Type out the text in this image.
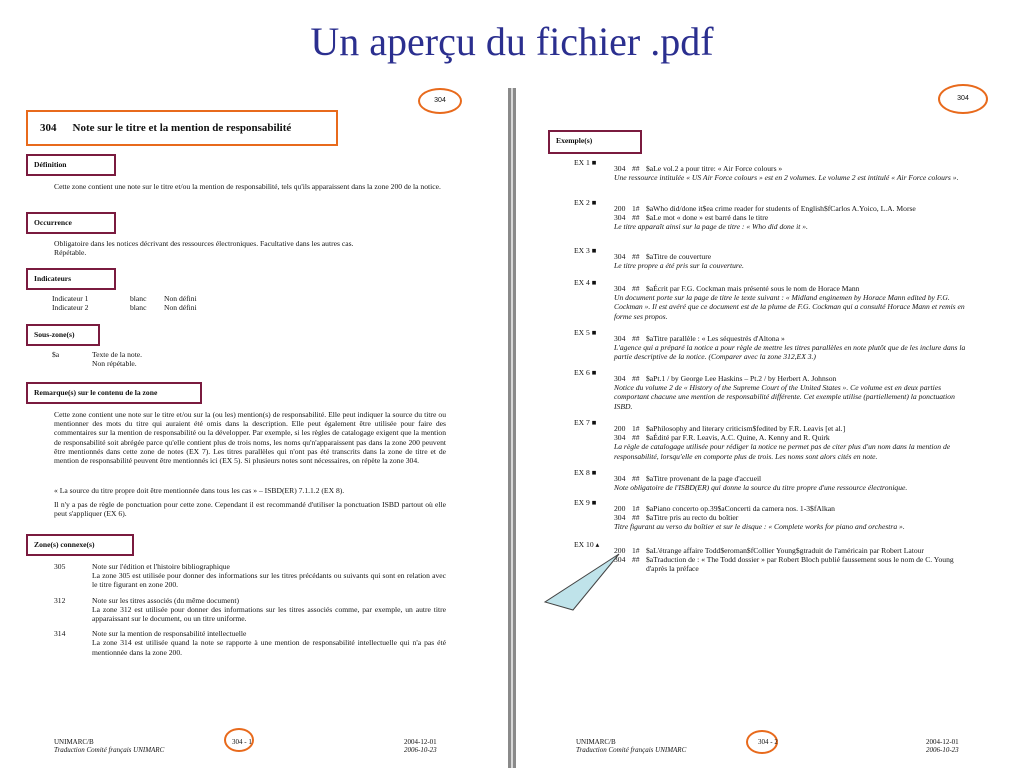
Un aperçu du fichier .pdf
304
304 Note sur le titre et la mention de responsabilité
Définition
Cette zone contient une note sur le titre et/ou la mention de responsabilité, tels qu'ils apparaissent dans la zone 200 de la notice.
Occurrence
Obligatoire dans les notices décrivant des ressources électroniques. Facultative dans les autres cas.
Répétable.
Indicateurs
Indicateur 1	blanc	Non défini
Indicateur 2	blanc	Non défini
Sous-zone(s)
$a	Texte de la note.
	Non répétable.
Remarque(s) sur le contenu de la zone
Cette zone contient une note sur le titre et/ou sur la (ou les) mention(s) de responsabilité. Elle peut indiquer la source du titre ou mentionner des mots du titre qui auraient été omis dans la description. Elle peut également être utilisée pour faire des commentaires sur la mention de responsabilité ou la développer. Par exemple, si les règles de catalogage exigent que la mention de responsabilité soit abrégée parce qu'elle contient plus de trois noms, les noms qu'n'apparaissent pas dans la zone 200 peuvent être mentionnés dans cette zone de notes (EX 7). Les titres parallèles qui n'ont pas été transcrits dans la zone de titre et de mention de responsabilité peuvent être mentionnés ici (EX 5). Si plusieurs notes sont nécessaires, on répète la zone 304.
« La source du titre propre doit être mentionnée dans tous les cas » – ISBD(ER) 7.1.1.2 (EX 8).
Il n'y a pas de règle de ponctuation pour cette zone. Cependant il est recommandé d'utiliser la ponctuation ISBD partout où elle peut s'appliquer (EX 6).
Zone(s) connexe(s)
305	Note sur l'édition et l'histoire bibliographique
La zone 305 est utilisée pour donner des informations sur les titres précédants ou suivants qui sont en relation avec le titre figurant en zone 200.
312	Note sur les titres associés (du même document)
La zone 312 est utilisée pour donner des informations sur les titres associés comme, par exemple, un autre titre apparaissant sur le document, ou un titre uniforme.
314	Note sur la mention de responsabilité intellectuelle
La zone 314 est utilisée quand la note se rapporte à une mention de responsabilité intellectuelle qui n'a pas été mentionnée dans la zone 200.
UNIMARC/B
Traduction Comité français UNIMARC
304 - 1	2004-12-01
2006-10-23
304
Exemple(s)
EX 1 ■
304 ## $aLe vol.2 a pour titre: « Air Force colours »
Une ressource intitulée « US Air Force colours » est en 2 volumes. Le volume 2 est intitulé « Air Force colours ».
EX 2 ■
200 1# $aWho did/done it$ea crime reader for students of English$fCarlos A.Yoico, L.A. Morse
304 ## $aLe mot « done » est barré dans le titre
Le titre apparaît ainsi sur la page de titre : « Who did done it ».
EX 3 ■
304 ## $aTitre de couverture
Le titre propre a été pris sur la couverture.
EX 4 ■
304 ## $aÉcrit par F.G. Cockman mais présenté sous le nom de Horace Mann
Un document porte sur la page de titre le texte suivant : « Midland enginemen by Horace Mann edited by F.G. Cockman ». Il est avéré que ce document est de la plume de F.G. Cockman qui a consulté Horace Mann et remis en forme ses propos.
EX 5 ■
304 ## $aTitre parallèle : « Les séquestrés d'Altona »
L'agence qui a préparé la notice a pour règle de mettre les titres parallèles en note plutôt que de les inclure dans la partie descriptive de la notice. (Comparer avec la zone 312,EX 3.)
EX 6 ■
304 ## $aPt.1 / by George Lee Haskins – Pt.2 / by Herbert A. Johnson
Notice du volume 2 de « History of the Supreme Court of the United States ». Ce volume est en deux parties comportant chacune une mention de responsabilité différente. Cet exemple utilise (partiellement) la ponctuation ISBD.
EX 7 ■
200 1# $aPhilosophy and literary criticism$fedited by F.R. Leavis [et al.]
304 ## $aÉdité par F.R. Leavis, A.C. Quine, A. Kenny and R. Quirk
La règle de catalogage utilisée pour rédiger la notice ne permet pas de citer plus d'un nom dans la mention de responsabilité, lorsqu'elle en comporte plus de trois. Les noms sont alors cités en note.
EX 8 ■
304 ## $aTitre provenant de la page d'accueil
Note obligatoire de l'ISBD(ER) qui donne la source du titre propre d'une ressource électronique.
EX 9 ■
200 1# $aPiano concerto op.39$aConcerti da camera nos. 1-3$fAlkan
304 ## $aTitre pris au recto du boîtier
Titre figurant au verso du boîtier et sur le disque : « Complete works for piano and orchestra ».
EX 10 ▴
200 1# $aL'étrange affaire Todd$eroman$fCollier Young$gtraduit de l'américain par Robert Latour
304 ## $aTraduction de : « The Todd dossier » par Robert Bloch publié faussement sous le nom de C. Young d'après la préface
UNIMARC/B
Traduction Comité français UNIMARC
304 - 2	2004-12-01
2006-10-23
